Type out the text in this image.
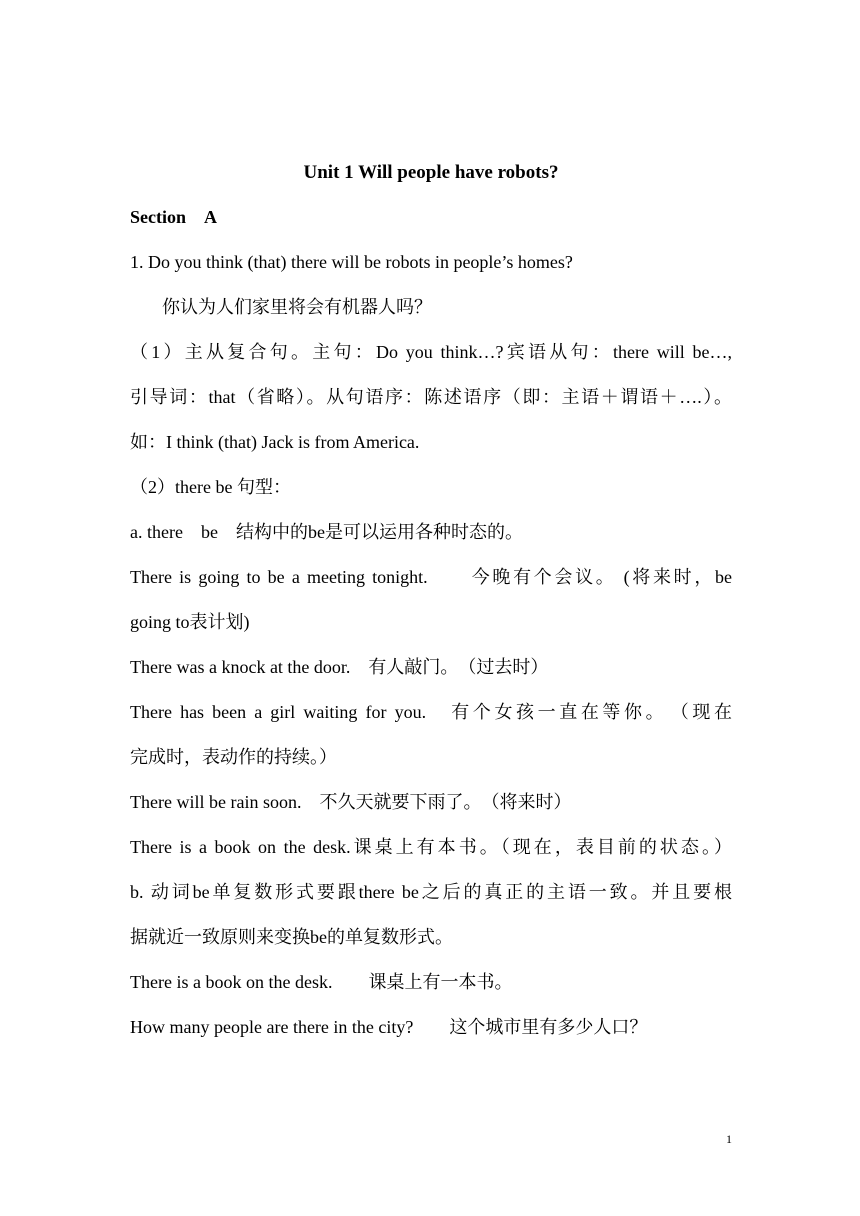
Unit 1 Will people have robots?
Section　A
1. Do you think (that) there will be robots in people’s homes?
你认为人们家里将会有机器人吗？
（1）主从复合句。主句：Do you think…?宾语从句：there will be…,
引导词：that（省略）。从句语序：陈述语序（即：主语＋谓语＋….）。
如：I think (that) Jack is from America.
（2）there be 句型：
a. there　be　结构中的be是可以运用各种时态的。
There is going to be a meeting tonight.　　今晚有个会议。 (将来时，be
going to表计划)
There was a knock at the door.　有人敲门。　（过去时）
There has been a girl waiting for you.　有个女孩一直在等你。　（现在
完成时，表动作的持续。）
There will be rain soon.　不久天就要下雨了。　（将来时）
There is a book on the desk.课桌上有本书。（现在，表目前的状态。）
b. 动词be单复数形式要跟there be之后的真正的主语一致。并且要根
据就近一致原则来变换be的单复数形式。
There is a book on the desk.　　课桌上有一本书。
How many people are there in the city?　　这个城市里有多少人口？
1
